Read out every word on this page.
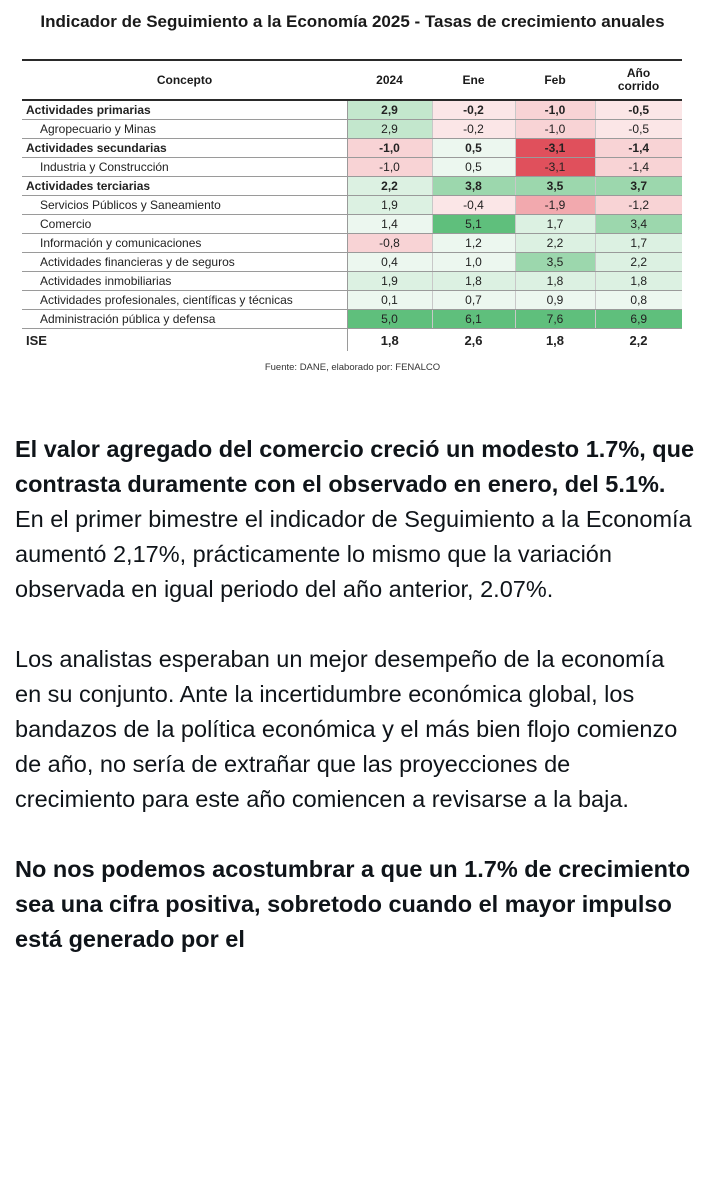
Indicador de Seguimiento a la Economía 2025 - Tasas de crecimiento anuales
Concepto	2024	Ene	Feb	Año corrido

Actividades primarias	2,9	-0,2	-1,0	-0,5
Agropecuario y Minas	2,9	-0,2	-1,0	-0,5
Actividades secundarias	-1,0	0,5	-3,1	-1,4
Industria y Construcción	-1,0	0,5	-3,1	-1,4
Actividades terciarias	2,2	3,8	3,5	3,7
Servicios Públicos y Saneamiento	1,9	-0,4	-1,9	-1,2
Comercio	1,4	5,1	1,7	3,4
Información y comunicaciones	-0,8	1,2	2,2	1,7
Actividades financieras y de seguros	0,4	1,0	3,5	2,2
Actividades inmobiliarias	1,9	1,8	1,8	1,8
Actividades profesionales, científicas y técnicas	0,1	0,7	0,9	0,8
Administración pública y defensa	5,0	6,1	7,6	6,9
ISE	1,8	2,6	1,8	2,2
Fuente: DANE, elaborado por: FENALCO

El valor agregado del comercio creció un modesto 1.7%, que contrasta duramente con el observado en enero, del 5.1%. En el primer bimestre el indicador de Seguimiento a la Economía aumentó 2,17%, prácticamente lo mismo que la variación observada en igual periodo del año anterior, 2.07%.

Los analistas esperaban un mejor desempeño de la economía en su conjunto. Ante la incertidumbre económica global, los bandazos de la política económica y el más bien flojo comienzo de año, no sería de extrañar que las proyecciones de crecimiento para este año comiencen a revisarse a la baja.

No nos podemos acostumbrar a que un 1.7% de crecimiento sea una cifra positiva, sobretodo cuando el mayor impulso está generado por el
